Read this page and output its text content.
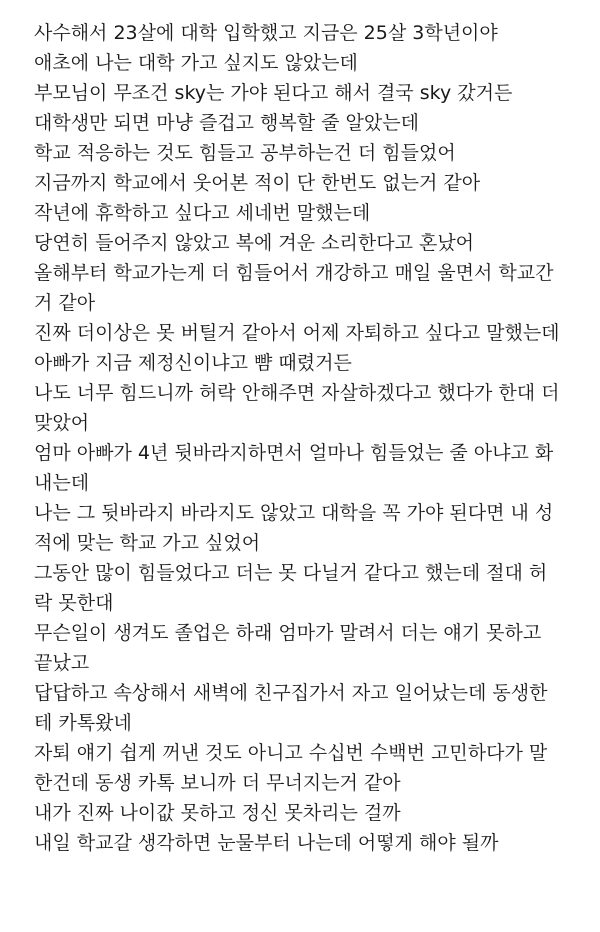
사수해서 23살에 대학 입학했고 지금은 25살 3학년이야
애초에 나는 대학 가고 싶지도 않았는데
부모님이 무조건 sky는 가야 된다고 해서 결국 sky 갔거든
대학생만 되면 마냥 즐겁고 행복할 줄 알았는데
학교 적응하는 것도 힘들고 공부하는건 더 힘들었어
지금까지 학교에서 웃어본 적이 단 한번도 없는거 같아
작년에 휴학하고 싶다고 세네번 말했는데
당연히 들어주지 않았고 복에 겨운 소리한다고 혼났어
올해부터 학교가는게 더 힘들어서 개강하고 매일 울면서 학교간
거 같아
진짜 더이상은 못 버틸거 같아서 어제 자퇴하고 싶다고 말했는데
아빠가 지금 제정신이냐고 뺨 때렸거든
나도 너무 힘드니까 허락 안해주면 자살하겠다고 했다가 한대 더
맞았어
엄마 아빠가 4년 뒷바라지하면서 얼마나 힘들었는 줄 아냐고 화
내는데
나는 그 뒷바라지 바라지도 않았고 대학을 꼭 가야 된다면 내 성
적에 맞는 학교 가고 싶었어
그동안 많이 힘들었다고 더는 못 다닐거 같다고 했는데 절대 허
락 못한대
무슨일이 생겨도 졸업은 하래 엄마가 말려서 더는 얘기 못하고
끝났고
답답하고 속상해서 새벽에 친구집가서 자고 일어났는데 동생한
테 카톡왔네
자퇴 얘기 쉽게 꺼낸 것도 아니고 수십번 수백번 고민하다가 말
한건데 동생 카톡 보니까 더 무너지는거 같아
내가 진짜 나이값 못하고 정신 못차리는 걸까
내일 학교갈 생각하면 눈물부터 나는데 어떻게 해야 될까
